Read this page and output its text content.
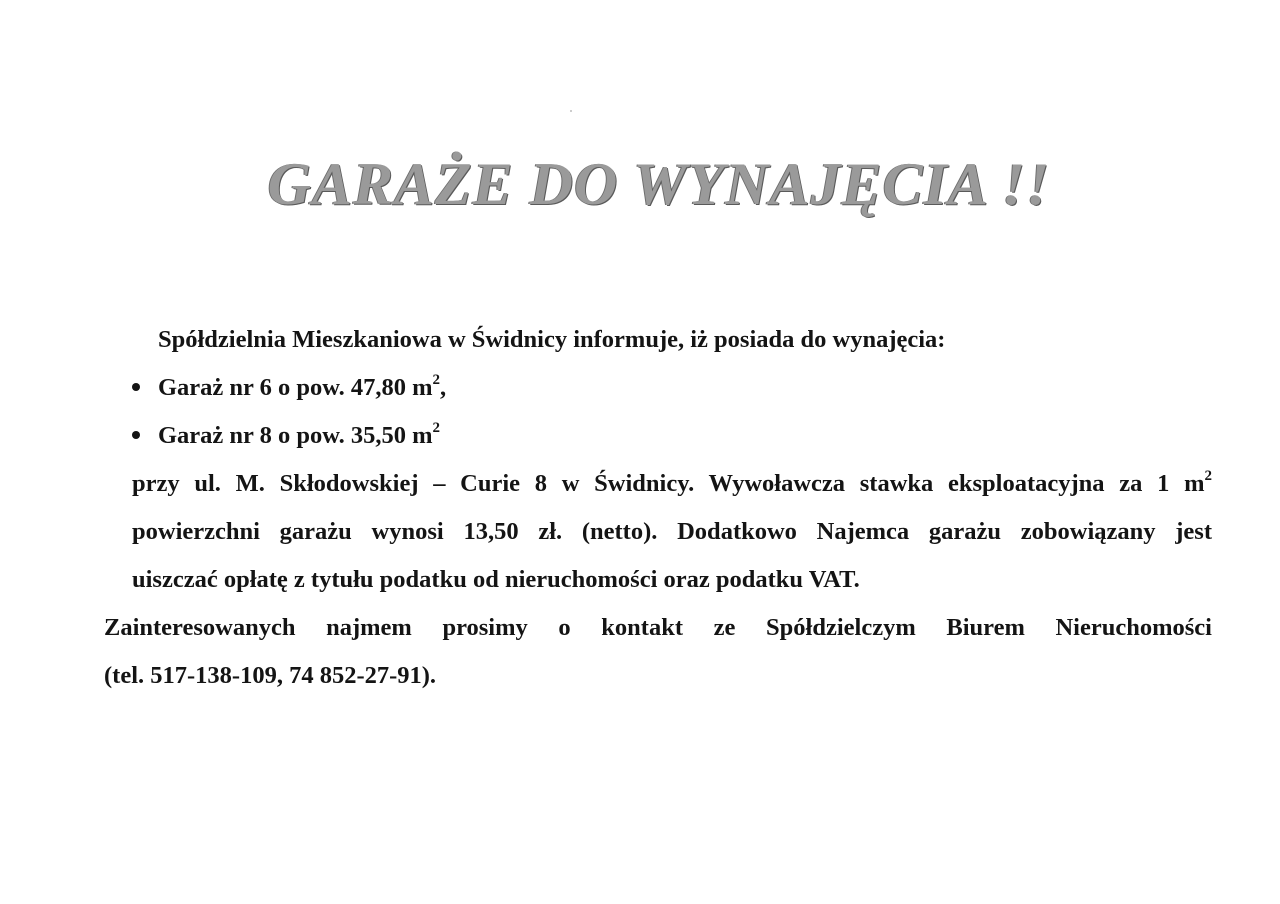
GARAŻE DO WYNAJĘCIA !!
Spółdzielnia Mieszkaniowa w Świdnicy informuje, iż posiada do wynajęcia:
Garaż nr 6 o pow. 47,80 $m^2$,
Garaż nr 8 o pow. 35,50 $m^2$
przy ul. M. Skłodowskiej – Curie 8 w Świdnicy. Wywoławcza stawka eksploatacyjna za 1 $m^2$
powierzchni garażu wynosi 13,50 zł. (netto). Dodatkowo Najemca garażu zobowiązany jest
uiszczać opłatę z tytułu podatku od nieruchomości oraz podatku VAT.
Zainteresowanych najmem prosimy o kontakt ze Spółdzielczym Biurem Nieruchomości
(tel. 517-138-109, 74 852-27-91).
